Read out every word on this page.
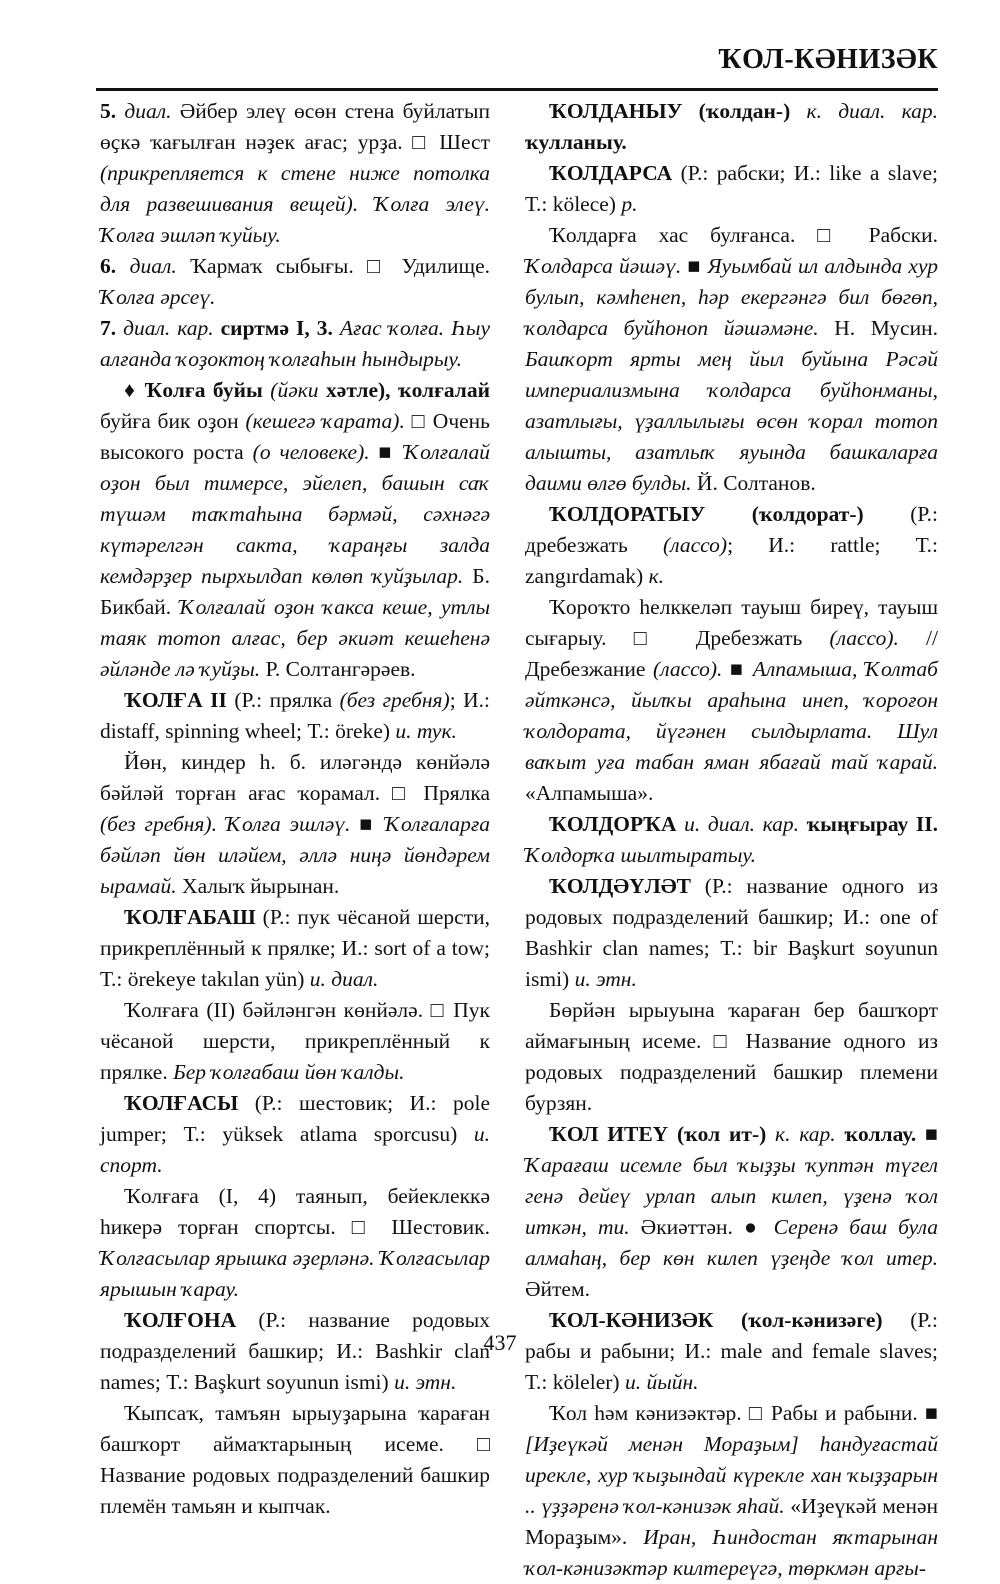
ҠОЛ-КӘНИЗӘК

5. диал. Әйбер элеү өсөн стена буйлатып өҫкә ҡағылған нәҙек ағас; урҙа. □ Шест (прикрепляется к стене ниже потолка для развешивания вещей). Ҡолға элеү. Ҡолға эшләп ҡуйыу.

6. диал. Ҡармаҡ сыбығы. □ Удилище. Ҡолға әрсеү.

7. диал. кар. сиртмә I, 3. Ағас ҡолға. Һыу алғанда ҡоҙоктоң ҡолғаһын һындырыу.

♦ Ҡолға буйы (йәки хәтле), ҡолғалай буйға бик оҙон (кешегә ҡарата). □ Очень высокого роста (о человеке). ■ Ҡолғалай оҙон был тимерсе, эйелеп, башын саҡ түшәм таҡтаһына бәрмәй, сәхнәгә күтәрелгән сакта, ҡараңғы залда кемдәрҙер пырхылдап көлөп ҡуйҙылар. Б. Бикбай. Ҡолғалай оҙон ҡакса кеше, утлы таяк тотоп алғас, бер әкиәт кешеһенә әйләнде лә ҡуйҙы. Р. Солтангәрәев.

ҠОЛҒА II (Р.: прялка (без гребня); И.: distaff, spinning wheel; Т.: öreke) и. тук.

Йөн, киндер һ. б. иләгәндә көнйәлә бәйләй торған ағас ҡорамал. □ Прялка (без гребня). Ҡолға эшләү. ■ Ҡолғаларға бәйләп йөн иләйем, әллә ниңә йөндәрем ырамай. Халыҡ йырынан.

ҠОЛҒАБАШ (Р.: пук чёсаной шерсти, прикреплённый к прялке; И.: sort of a tow; Т.: örekeye takılan yün) и. диал.

Ҡолғаға (II) бәйләнгән көнйәлә. □ Пук чёсаной шерсти, прикреплённый к прялке. Бер ҡолғабаш йөн ҡалды.

ҠОЛҒАСЫ (Р.: шестовик; И.: pole jumper; Т.: yüksek atlama sporcusu) и. спорт.

Ҡолғаға (I, 4) таянып, бейеклеккә һикерә торған спортсы. □ Шестовик. Ҡолғасылар ярышка әҙерләнә. Ҡолғасылар ярышын ҡарау.

ҠОЛҒОНА (Р.: название родовых подразделений башкир; И.: Bashkir clan names; Т.: Başkurt soyunun ismi) и. этн.

Ҡыпсаҡ, тамъян ырыуҙарына ҡараған башҡорт аймаҡтарының исеме. □ Название родовых подразделений башкир племён тамьян и кыпчак.

ҠОЛДАНЫУ (ҡолдан-) к. диал. кар. ҡулланыу.

ҠОЛДАРСА (Р.: рабски; И.: like a slave; Т.: kölece) р.

Ҡолдарға хас булғанса. □ Рабски. Ҡолдарса йәшәү. ■ Яуымбай ил алдында хур булып, кәмһенеп, һәр екергәнгә бил бөгөп, ҡолдарса буйһоноп йәшәмәне. Н. Мусин. Башҡорт ярты мең йыл буйына Рәсәй империализмына ҡолдарса буйһонманы, азатлығы, үҙаллылығы өсөн ҡорал тотоп алышты, азатлыҡ яуында башкаларға даими өлгө булды. Й. Солтанов.

ҠОЛДОРАТЫУ (ҡолдорат-) (Р.: дребезжать (лассо); И.: rattle; Т.: zangırdamak) к.

Ҡороҡто һелккеләп тауыш биреү, тауыш сығарыу. □ Дребезжать (лассо). // Дребезжание (лассо). ■ Алпамыша, Ҡолтаб әйткәнсә, йылҡы араһына инеп, ҡороғон ҡолдората, йүгәнен сылдырлата. Шул ваҡыт уға табан яман ябағай тай ҡарай. «Алпамыша».

ҠОЛДОРҠА и. диал. кар. ҡыңғырау II. Ҡолдорҡа шылтыратыу.

ҠОЛДӘҮЛӘТ (Р.: название одного из родовых подразделений башкир; И.: one of Bashkir clan names; Т.: bir Başkurt soyunun ismi) и. этн.

Бөрйән ырыуына ҡараған бер башҡорт аймағының исеме. □ Название одного из родовых подразделений башкир племени бурзян.

ҠОЛ ИТЕҮ (ҡол ит-) к. кар. ҡоллау. ■ Ҡарағаш исемле был ҡыҙҙы ҡуптән түгел генә дейеү урлап алып килеп, үҙенә ҡол иткән, ти. Әкиәттән. ● Серенә баш була алмаһаң, бер көн килеп үҙеңде ҡол итер. Әйтем.

ҠОЛ-КӘНИЗӘК (ҡол-кәнизәге) (Р.: рабы и рабыни; И.: male and female slaves; Т.: köleler) и. йыйн.

Ҡол һәм кәнизәктәр. □ Рабы и рабыни. ■ [Иҙеүкәй менән Мораҙым] һандуғастай ирекле, хур ҡыҙындай күрекле хан ҡыҙҙарын .. үҙҙәренә ҡол-кәнизәк яһай. «Иҙеүкәй менән Мораҙым». Иран, Һиндостан яҡтарынан ҡол-кәнизәктәр килтереүгә, төркмән арғы-

437
